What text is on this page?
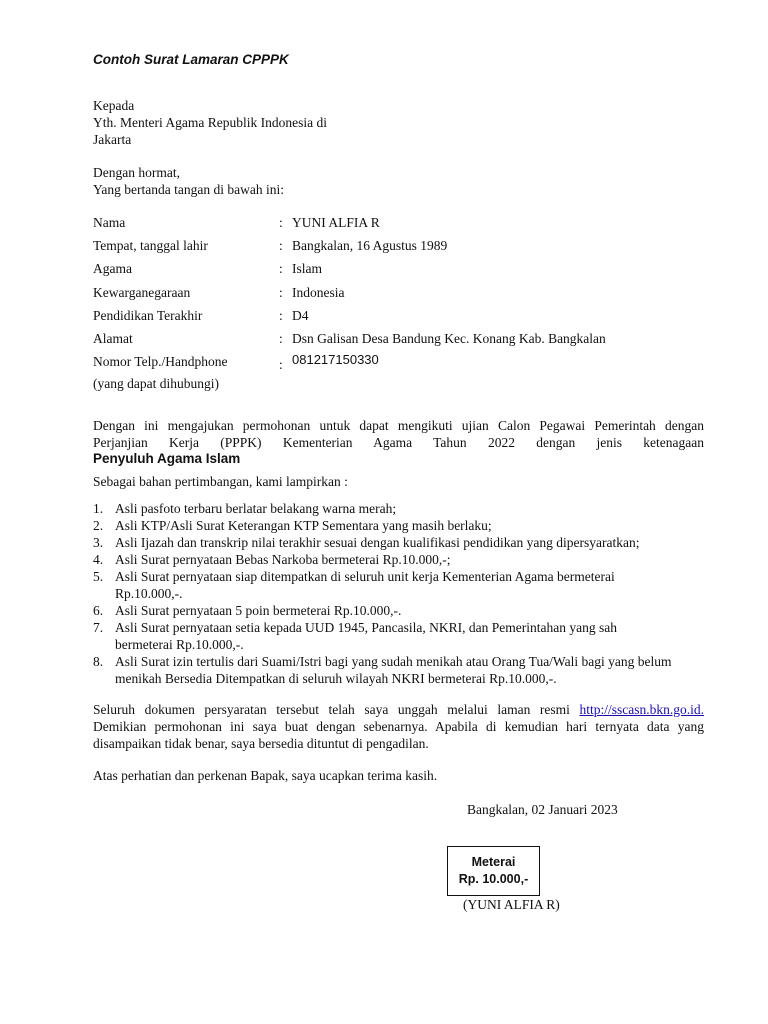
Contoh Surat Lamaran CPPPK
Kepada
Yth. Menteri Agama Republik Indonesia di
Jakarta
Dengan hormat,
Yang bertanda tangan di bawah ini:
Nama	: YUNI ALFIA R
Tempat, tanggal lahir	: Bangkalan, 16 Agustus 1989
Agama	: Islam
Kewarganegaraan	: Indonesia
Pendidikan Terakhir	: D4
Alamat	: Dsn Galisan Desa Bandung Kec. Konang Kab. Bangkalan
Nomor Telp./Handphone	: 081217150330
(yang dapat dihubungi)
Dengan ini mengajukan permohonan untuk dapat mengikuti ujian Calon Pegawai Pemerintah dengan
Perjanjian Kerja (PPPK) Kementerian Agama Tahun 2022 dengan jenis ketenagaan
Penyuluh Agama Islam
Sebagai bahan pertimbangan, kami lampirkan :
1. Asli pasfoto terbaru berlatar belakang warna merah;
2. Asli KTP/Asli Surat Keterangan KTP Sementara yang masih berlaku;
3. Asli Ijazah dan transkrip nilai terakhir sesuai dengan kualifikasi pendidikan yang dipersyaratkan;
4. Asli Surat pernyataan Bebas Narkoba bermeterai Rp.10.000,-;
5. Asli Surat pernyataan siap ditempatkan di seluruh unit kerja Kementerian Agama bermeterai
Rp.10.000,-.
6. Asli Surat pernyataan 5 poin bermeterai Rp.10.000,-.
7. Asli Surat pernyataan setia kepada UUD 1945, Pancasila, NKRI, dan Pemerintahan yang sah
bermeterai Rp.10.000,-.
8. Asli Surat izin tertulis dari Suami/Istri bagi yang sudah menikah atau Orang Tua/Wali bagi yang belum
menikah Bersedia Ditempatkan di seluruh wilayah NKRI bermeterai Rp.10.000,-.
Seluruh dokumen persyaratan tersebut telah saya unggah melalui laman resmi http://sscasn.bkn.go.id.
Demikian permohonan ini saya buat dengan sebenarnya. Apabila di kemudian hari ternyata data yang
disampaikan tidak benar, saya bersedia dituntut di pengadilan.
Atas perhatian dan perkenan Bapak, saya ucapkan terima kasih.
Bangkalan, 02 Januari 2023
Meterai
Rp. 10.000,-
(YUNI ALFIA R)
